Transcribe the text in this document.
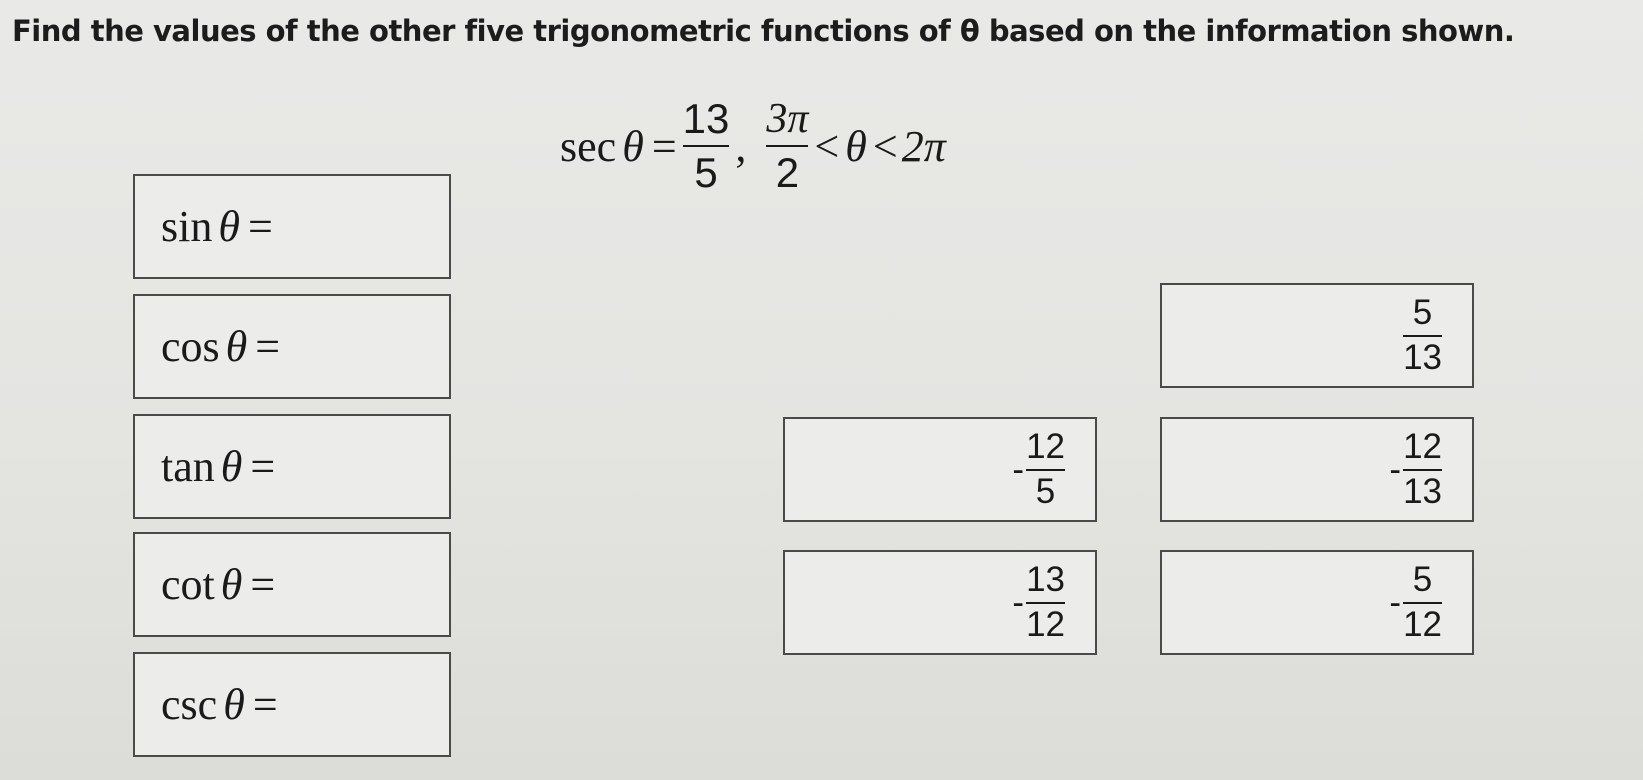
Find the values of the other five trigonometric functions of θ based on the information shown.
sec θ =
13
5
,
3π
2
< θ < 2π
sin θ =
cos θ =
tan θ =
cot θ =
csc θ =
5
13
-
12
5
-
12
13
-
13
12
-
5
12
